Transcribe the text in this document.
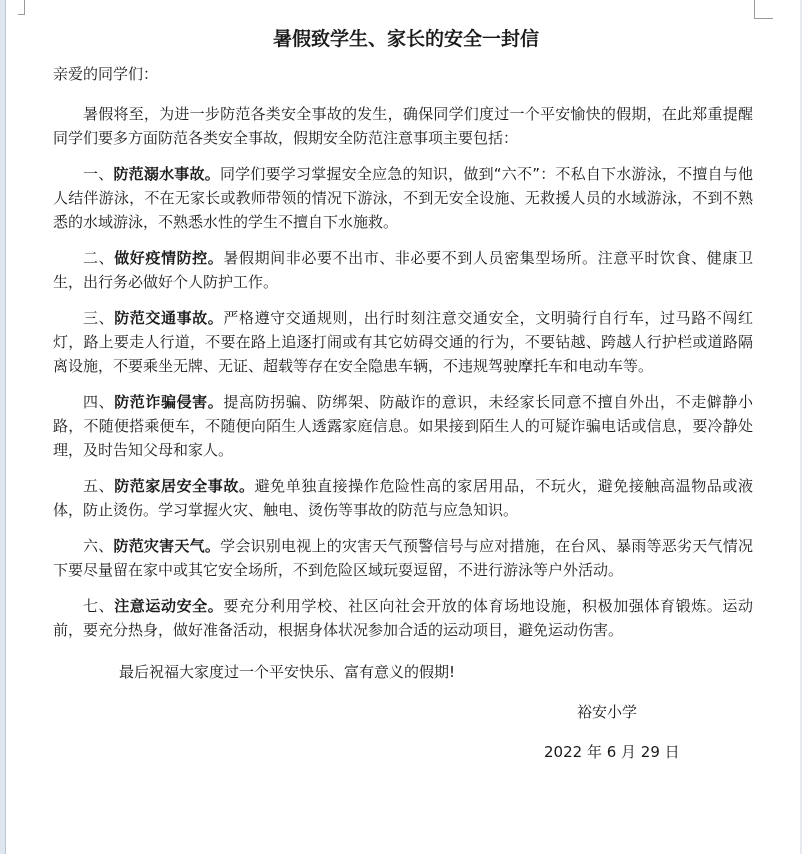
暑假致学生、家长的安全一封信

亲爱的同学们：

暑假将至，为进一步防范各类安全事故的发生，确保同学们度过一个平安愉快的假期，在此郑重提醒同学们要多方面防范各类安全事故，假期安全防范注意事项主要包括：

一、防范溺水事故。同学们要学习掌握安全应急的知识，做到“六不”：不私自下水游泳，不擅自与他人结伴游泳，不在无家长或教师带领的情况下游泳，不到无安全设施、无救援人员的水域游泳，不到不熟悉的水域游泳，不熟悉水性的学生不擅自下水施救。

二、做好疫情防控。暑假期间非必要不出市、非必要不到人员密集型场所。注意平时饮食、健康卫生，出行务必做好个人防护工作。

三、防范交通事故。严格遵守交通规则，出行时刻注意交通安全，文明骑行自行车，过马路不闯红灯，路上要走人行道，不要在路上追逐打闹或有其它妨碍交通的行为，不要钻越、跨越人行护栏或道路隔离设施，不要乘坐无牌、无证、超载等存在安全隐患车辆，不违规驾驶摩托车和电动车等。

四、防范诈骗侵害。提高防拐骗、防绑架、防敲诈的意识，未经家长同意不擅自外出，不走僻静小路，不随便搭乘便车，不随便向陌生人透露家庭信息。如果接到陌生人的可疑诈骗电话或信息，要冷静处理，及时告知父母和家人。

五、防范家居安全事故。避免单独直接操作危险性高的家居用品，不玩火，避免接触高温物品或液体，防止烫伤。学习掌握火灾、触电、烫伤等事故的防范与应急知识。

六、防范灾害天气。学会识别电视上的灾害天气预警信号与应对措施，在台风、暴雨等恶劣天气情况下要尽量留在家中或其它安全场所，不到危险区域玩耍逗留，不进行游泳等户外活动。

七、注意运动安全。要充分利用学校、社区向社会开放的体育场地设施，积极加强体育锻炼。运动前，要充分热身，做好准备活动，根据身体状况参加合适的运动项目，避免运动伤害。

最后祝福大家度过一个平安快乐、富有意义的假期!

裕安小学

2022 年 6 月 29 日
